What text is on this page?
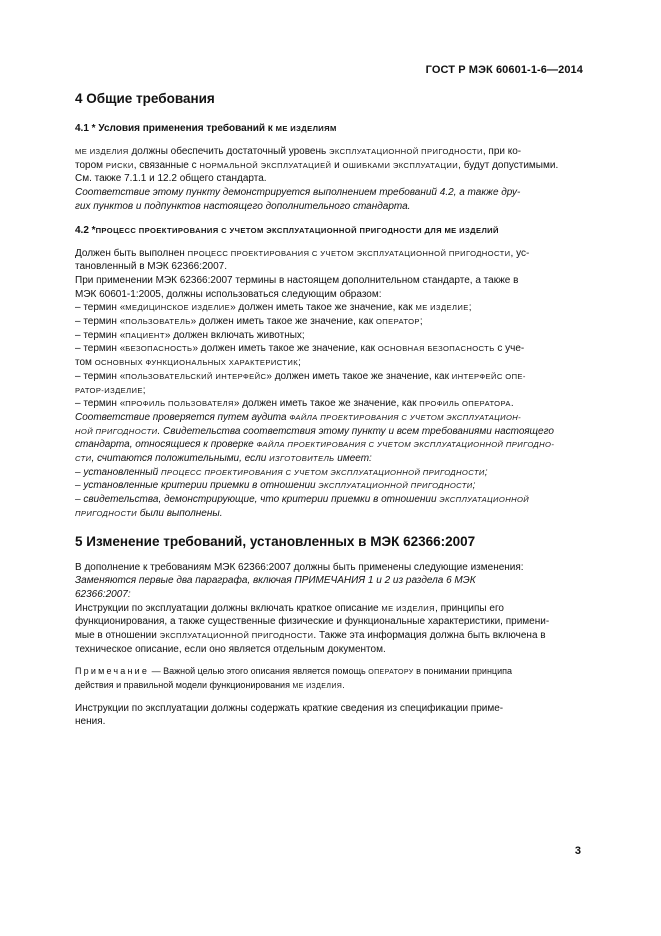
ГОСТ Р МЭК 60601-1-6—2014
4 Общие требования
4.1 * Условия применения требований к МЕ ИЗДЕЛИЯМ

МЕ ИЗДЕЛИЯ должны обеспечить достаточный уровень ЭКСПЛУАТАЦИОННОЙ ПРИГОДНОСТИ, при ко-

тором РИСКИ, связанные с НОРМАЛЬНОЙ ЭКСПЛУАТАЦИЕЙ и ОШИБКАМИ ЭКСПЛУАТАЦИИ, будут допустимыми.

См. также 7.1.1 и 12.2 общего стандарта.

Соответствие этому пункту демонстрируется выполнением требований 4.2, а также дру-

гих пунктов и подпунктов настоящего дополнительного стандарта.

4.2 *ПРОЦЕСС ПРОЕКТИРОВАНИЯ С УЧЕТОМ ЭКСПЛУАТАЦИОННОЙ ПРИГОДНОСТИ ДЛЯ МЕ ИЗДЕЛИЙ

Должен быть выполнен ПРОЦЕСС ПРОЕКТИРОВАНИЯ С УЧЕТОМ ЭКСПЛУАТАЦИОННОЙ ПРИГОДНОСТИ, ус-

тановленный в МЭК 62366:2007.

При применении МЭК 62366:2007 термины в настоящем дополнительном стандарте, а также в

МЭК 60601-1:2005, должны использоваться следующим образом:

– термин «МЕДИЦИНСКОЕ ИЗДЕЛИЕ» должен иметь такое же значение, как МЕ ИЗДЕЛИЕ;

– термин «ПОЛЬЗОВАТЕЛЬ» должен иметь такое же значение, как ОПЕРАТОР;

– термин «ПАЦИЕНТ» должен включать животных;

– термин «БЕЗОПАСНОСТЬ» должен иметь такое же значение, как ОСНОВНАЯ БЕЗОПАСНОСТЬ с уче-

том ОСНОВНЫХ ФУНКЦИОНАЛЬНЫХ ХАРАКТЕРИСТИК;

– термин «ПОЛЬЗОВАТЕЛЬСКИЙ ИНТЕРФЕЙС» должен иметь такое же значение, как ИНТЕРФЕЙС ОПЕ-

РАТОР-ИЗДЕЛИЕ;

– термин «ПРОФИЛЬ ПОЛЬЗОВАТЕЛЯ» должен иметь такое же значение, как ПРОФИЛЬ ОПЕРАТОРА.

Соответствие проверяется путем аудита ФАЙЛА ПРОЕКТИРОВАНИЯ С УЧЕТОМ ЭКСПЛУАТАЦИОН-

НОЙ ПРИГОДНОСТИ. Свидетельства соответствия этому пункту и всем требованиями настоящего

стандарта, относящиеся к проверке ФАЙЛА ПРОЕКТИРОВАНИЯ С УЧЕТОМ ЭКСПЛУАТАЦИОННОЙ ПРИГОДНО-

СТИ, считаются положительными, если ИЗГОТОВИТЕЛЬ имеет:

– установленный ПРОЦЕСС ПРОЕКТИРОВАНИЯ С УЧЕТОМ ЭКСПЛУАТАЦИОННОЙ ПРИГОДНОСТИ;

– установленные критерии приемки в отношении ЭКСПЛУАТАЦИОННОЙ ПРИГОДНОСТИ;

– свидетельства, демонстрирующие, что критерии приемки в отношении ЭКСПЛУАТАЦИОННОЙ

ПРИГОДНОСТИ были выполнены.

5 Изменение требований, установленных в МЭК 62366:2007

В дополнение к требованиям МЭК 62366:2007 должны быть применены следующие изменения:

Заменяются первые два параграфа, включая ПРИМЕЧАНИЯ 1 и 2 из раздела 6 МЭК

62366:2007:

Инструкции по эксплуатации должны включать краткое описание МЕ ИЗДЕЛИЯ, принципы его

функционирования, а также существенные физические и функциональные характеристики, примени-

мые в отношении ЭКСПЛУАТАЦИОННОЙ ПРИГОДНОСТИ. Также эта информация должна быть включена в

техническое описание, если оно является отдельным документом.

Примечание — Важной целью этого описания является помощь ОПЕРАТОРУ в понимании принципа

действия и правильной модели функционирования МЕ ИЗДЕЛИЯ.

Инструкции по эксплуатации должны содержать краткие сведения из спецификации приме-

нения.

3
